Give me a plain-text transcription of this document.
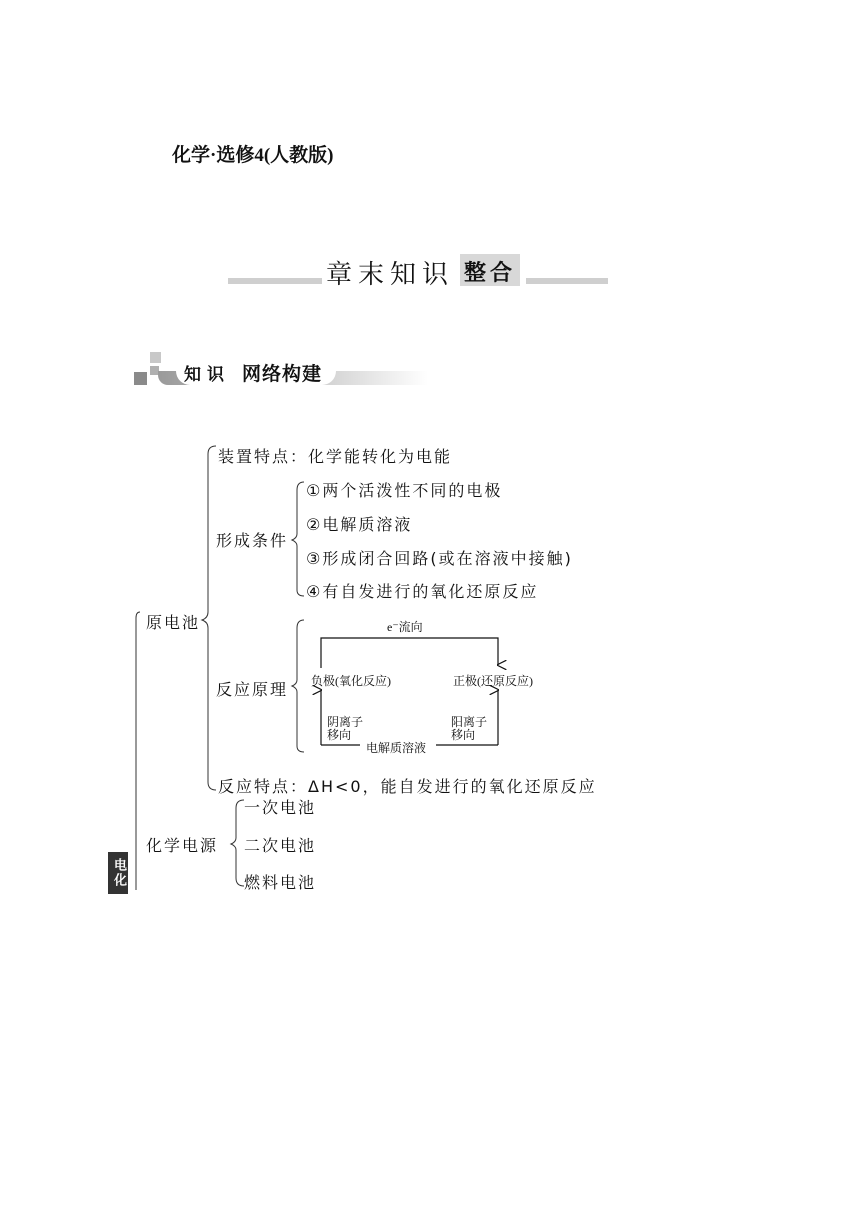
化学·选修4(人教版)
章末知识 整合
知识 网络构建
原电池
装置特点：化学能转化为电能
形成条件
①两个活泼性不同的电极
②电解质溶液
③形成闭合回路(或在溶液中接触)
④有自发进行的氧化还原反应
反应原理
e⁻流向
负极(氧化反应)	正极(还原反应)
阴离子
移向
阳离子
移向
电解质溶液
反应特点：ΔH<0，能自发进行的氧化还原反应
化学电源
一次电池
二次电池
燃料电池
电化
